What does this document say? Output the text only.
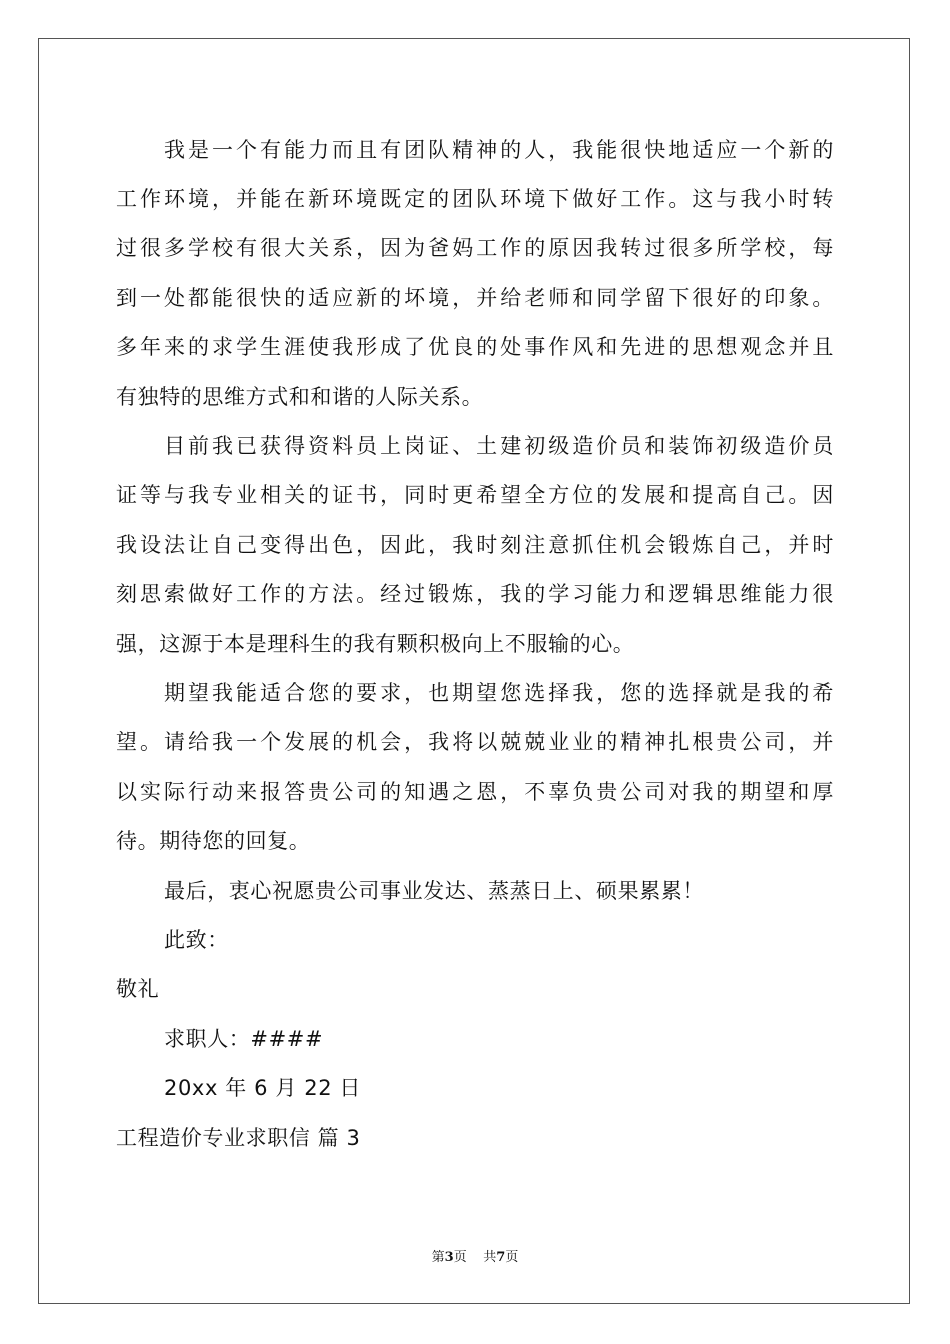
我是一个有能力而且有团队精神的人，我能很快地适应一个新的
工作环境，并能在新环境既定的团队环境下做好工作。这与我小时转
过很多学校有很大关系，因为爸妈工作的原因我转过很多所学校，每
到一处都能很快的适应新的坏境，并给老师和同学留下很好的印象。
多年来的求学生涯使我形成了优良的处事作风和先进的思想观念并且
有独特的思维方式和和谐的人际关系。
目前我已获得资料员上岗证、土建初级造价员和装饰初级造价员
证等与我专业相关的证书，同时更希望全方位的发展和提高自己。因
我设法让自己变得出色，因此，我时刻注意抓住机会锻炼自己，并时
刻思索做好工作的方法。经过锻炼，我的学习能力和逻辑思维能力很
强，这源于本是理科生的我有颗积极向上不服输的心。
期望我能适合您的要求，也期望您选择我，您的选择就是我的希
望。请给我一个发展的机会，我将以兢兢业业的精神扎根贵公司，并
以实际行动来报答贵公司的知遇之恩，不辜负贵公司对我的期望和厚
待。期待您的回复。
最后，衷心祝愿贵公司事业发达、蒸蒸日上、硕果累累！
此致：
敬礼
求职人：####
20xx 年 6 月 22 日
工程造价专业求职信 篇 3
第3页 共7页
